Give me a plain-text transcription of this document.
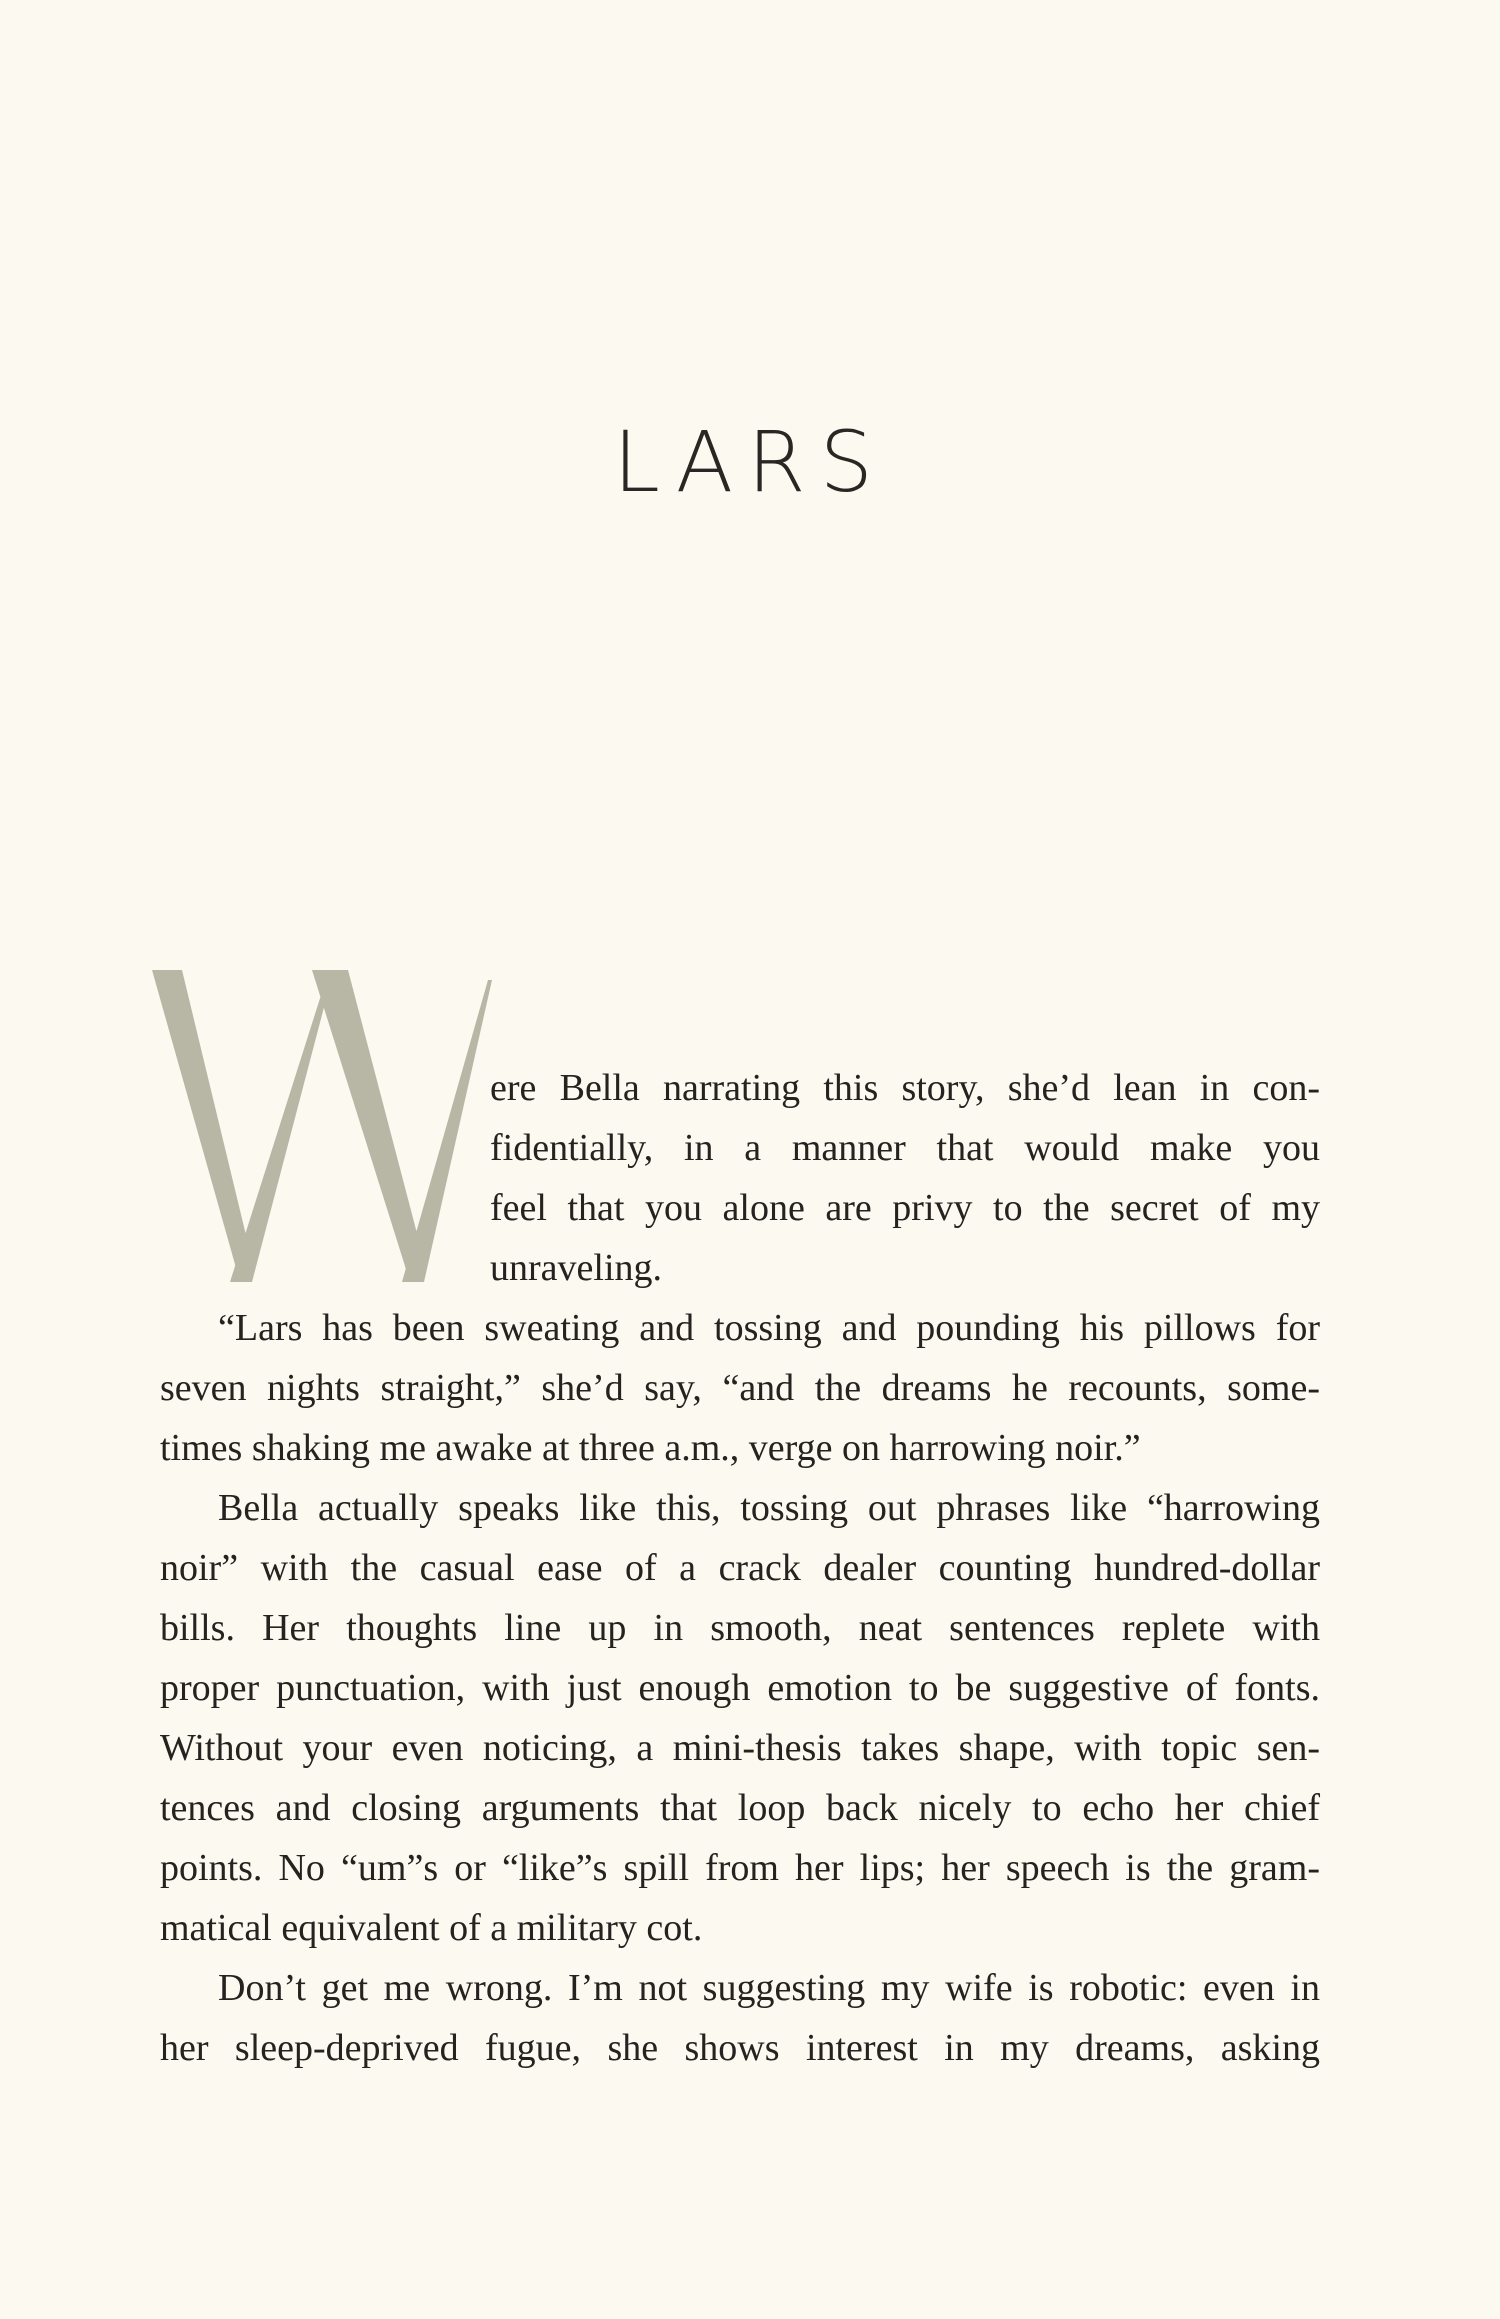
LARS
ere Bella narrating this story, she’d lean in con-
fidentially, in a manner that would make you
feel that you alone are privy to the secret of my
unraveling.
“Lars has been sweating and tossing and pounding his pillows for
seven nights straight,” she’d say, “and the dreams he recounts, some-
times shaking me awake at three a.m., verge on harrowing noir.”
Bella actually speaks like this, tossing out phrases like “harrowing
noir” with the casual ease of a crack dealer counting hundred-dollar
bills. Her thoughts line up in smooth, neat sentences replete with
proper punctuation, with just enough emotion to be suggestive of fonts.
Without your even noticing, a mini-thesis takes shape, with topic sen-
tences and closing arguments that loop back nicely to echo her chief
points. No “um”s or “like”s spill from her lips; her speech is the gram-
matical equivalent of a military cot.
Don’t get me wrong. I’m not suggesting my wife is robotic: even in
her sleep-deprived fugue, she shows interest in my dreams, asking
